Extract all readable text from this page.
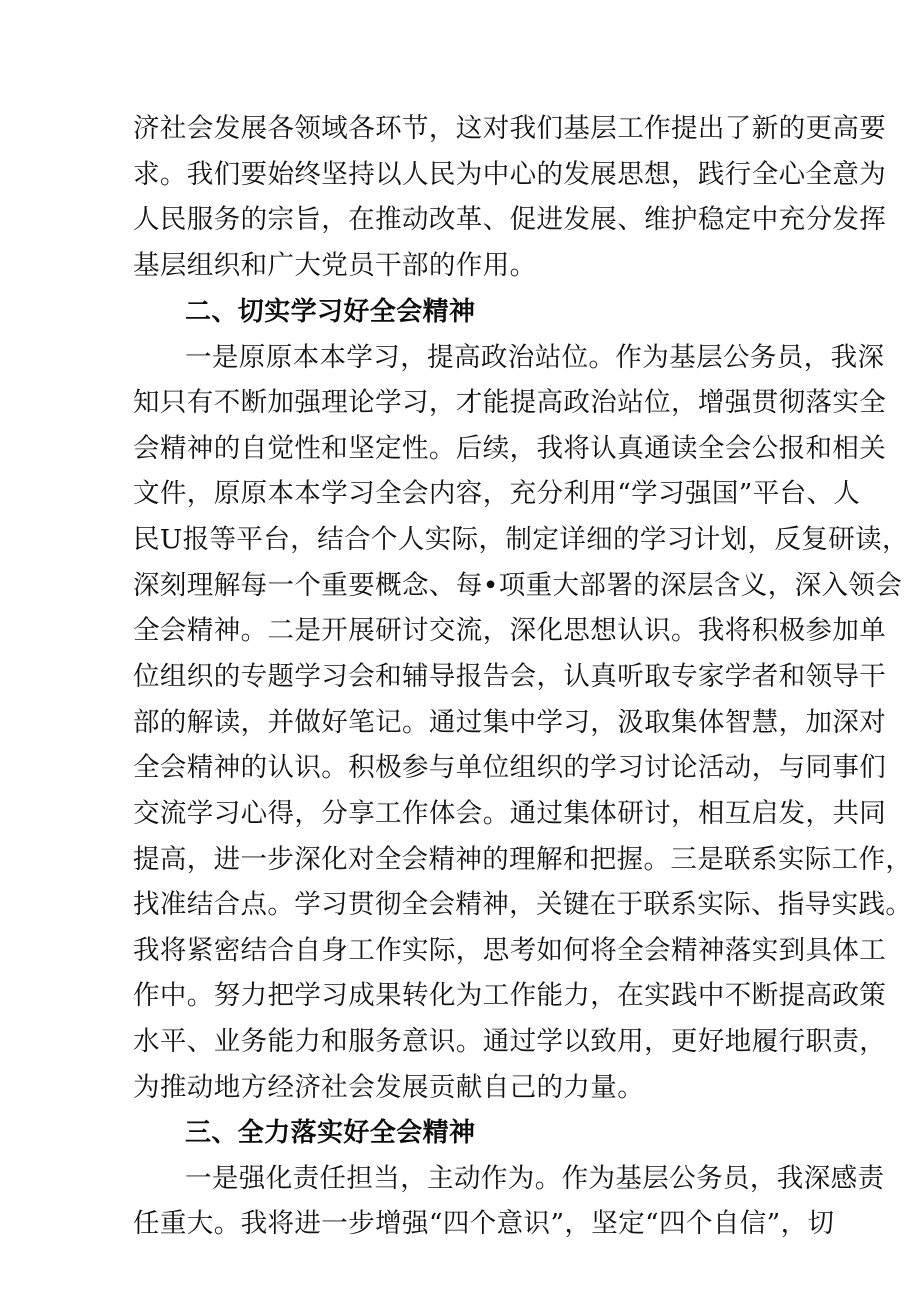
济社会发展各领域各环节，这对我们基层工作提出了新的更高要
求。我们要始终坚持以人民为中心的发展思想，践行全心全意为
人民服务的宗旨，在推动改革、促进发展、维护稳定中充分发挥
基层组织和广大党员干部的作用。
二、切实学习好全会精神
一是原原本本学习，提高政治站位。作为基层公务员，我深
知只有不断加强理论学习，才能提高政治站位，增强贯彻落实全
会精神的自觉性和坚定性。后续，我将认真通读全会公报和相关
文件，原原本本学习全会内容，充分利用“学习强国”平台、人
民U报等平台，结合个人实际，制定详细的学习计划，反复研读，
深刻理解每一个重要概念、每•项重大部署的深层含义，深入领会
全会精神。二是开展研讨交流，深化思想认识。我将积极参加单
位组织的专题学习会和辅导报告会，认真听取专家学者和领导干
部的解读，并做好笔记。通过集中学习，汲取集体智慧，加深对
全会精神的认识。积极参与单位组织的学习讨论活动，与同事们
交流学习心得，分享工作体会。通过集体研讨，相互启发，共同
提高，进一步深化对全会精神的理解和把握。三是联系实际工作，
找准结合点。学习贯彻全会精神，关键在于联系实际、指导实践。
我将紧密结合自身工作实际，思考如何将全会精神落实到具体工
作中。努力把学习成果转化为工作能力，在实践中不断提高政策
水平、业务能力和服务意识。通过学以致用，更好地履行职责，
为推动地方经济社会发展贡献自己的力量。
三、全力落实好全会精神
一是强化责任担当，主动作为。作为基层公务员，我深感责
任重大。我将进一步增强“四个意识”，坚定“四个自信”，切
